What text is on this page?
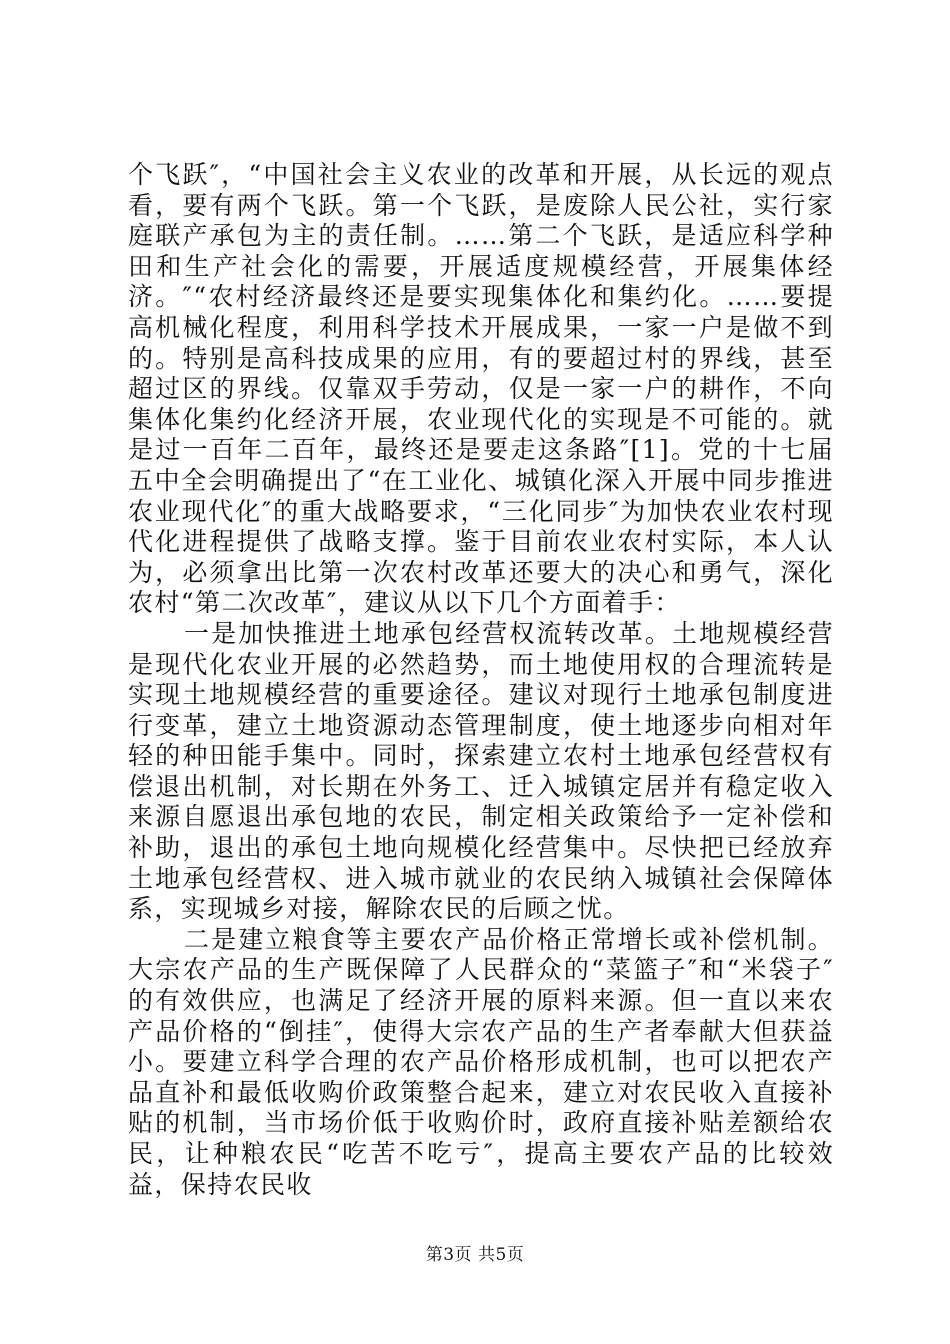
个飞跃″，“中国社会主义农业的改革和开展，从长远的观点看，要有两个飞跃。第一个飞跃，是废除人民公社，实行家庭联产承包为主的责任制。……第二个飞跃，是适应科学种田和生产社会化的需要，开展适度规模经营，开展集体经济。″“农村经济最终还是要实现集体化和集约化。……要提高机械化程度，利用科学技术开展成果，一家一户是做不到的。特别是高科技成果的应用，有的要超过村的界线，甚至超过区的界线。仅靠双手劳动，仅是一家一户的耕作，不向集体化集约化经济开展，农业现代化的实现是不可能的。就是过一百年二百年，最终还是要走这条路″[1]。党的十七届五中全会明确提出了“在工业化、城镇化深入开展中同步推进农业现代化″的重大战略要求，“三化同步″为加快农业农村现代化进程提供了战略支撑。鉴于目前农业农村实际，本人认为，必须拿出比第一次农村改革还要大的决心和勇气，深化农村“第二次改革″，建议从以下几个方面着手：

一是加快推进土地承包经营权流转改革。土地规模经营是现代化农业开展的必然趋势，而土地使用权的合理流转是实现土地规模经营的重要途径。建议对现行土地承包制度进行变革，建立土地资源动态管理制度，使土地逐步向相对年轻的种田能手集中。同时，探索建立农村土地承包经营权有偿退出机制，对长期在外务工、迁入城镇定居并有稳定收入来源自愿退出承包地的农民，制定相关政策给予一定补偿和补助，退出的承包土地向规模化经营集中。尽快把已经放弃土地承包经营权、进入城市就业的农民纳入城镇社会保障体系，实现城乡对接，解除农民的后顾之忧。

二是建立粮食等主要农产品价格正常增长或补偿机制。大宗农产品的生产既保障了人民群众的“菜篮子″和“米袋子″的有效供应，也满足了经济开展的原料来源。但一直以来农产品价格的“倒挂″，使得大宗农产品的生产者奉献大但获益小。要建立科学合理的农产品价格形成机制，也可以把农产品直补和最低收购价政策整合起来，建立对农民收入直接补贴的机制，当市场价低于收购价时，政府直接补贴差额给农民，让种粮农民“吃苦不吃亏″，提高主要农产品的比较效益，保持农民收

第3页 共5页
